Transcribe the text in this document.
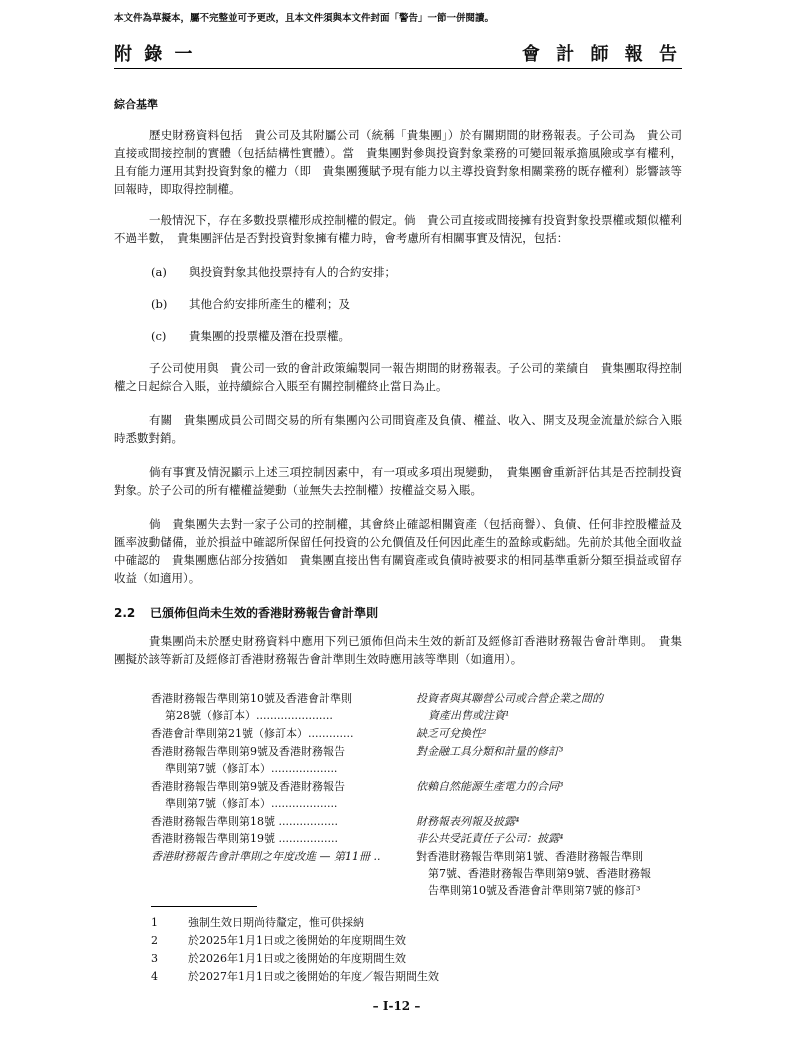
本文件為草擬本，屬不完整並可予更改，且本文件須與本文件封面「警告」一節一併閱讀。
附 錄 一	會 計 師 報 告
綜合基準
歷史財務資料包括　貴公司及其附屬公司（統稱「貴集團」）於有關期間的財務報表。子公司為　貴公司直接或間接控制的實體（包括結構性實體）。當　貴集團對參與投資對象業務的可變回報承擔風險或享有權利，且有能力運用其對投資對象的權力（即　貴集團獲賦予現有能力以主導投資對象相關業務的既存權利）影響該等回報時，即取得控制權。
一般情況下，存在多數投票權形成控制權的假定。倘　貴公司直接或間接擁有投資對象投票權或類似權利不過半數，　貴集團評估是否對投資對象擁有權力時，會考慮所有相關事實及情況，包括：
(a) 與投資對象其他投票持有人的合約安排；
(b) 其他合約安排所產生的權利；及
(c) 貴集團的投票權及潛在投票權。
子公司使用與　貴公司一致的會計政策編製同一報告期間的財務報表。子公司的業績自　貴集團取得控制權之日起綜合入賬，並持續綜合入賬至有關控制權終止當日為止。
有關　貴集團成員公司間交易的所有集團內公司間資產及負債、權益、收入、開支及現金流量於綜合入賬時悉數對銷。
倘有事實及情況顯示上述三項控制因素中，有一項或多項出現變動，　貴集團會重新評估其是否控制投資對象。於子公司的所有權權益變動（並無失去控制權）按權益交易入賬。
倘　貴集團失去對一家子公司的控制權，其會終止確認相關資產（包括商譽）、負債、任何非控股權益及匯率波動儲備，並於損益中確認所保留任何投資的公允價值及任何因此產生的盈餘或虧絀。先前於其他全面收益中確認的　貴集團應佔部分按猶如　貴集團直接出售有關資產或負債時被要求的相同基準重新分類至損益或留存收益（如適用）。
2.2 已頒佈但尚未生效的香港財務報告會計準則
貴集團尚未於歷史財務資料中應用下列已頒佈但尚未生效的新訂及經修訂香港財務報告會計準則。　貴集團擬於該等新訂及經修訂香港財務報告會計準則生效時應用該等準則（如適用）。
香港財務報告準則第10號及香港會計準則	投資者與其聯營公司或合營企業之間的
第28號（修訂本）......................	資產出售或注資¹
香港會計準則第21號（修訂本）.............	缺乏可兌換性²
香港財務報告準則第9號及香港財務報告	對金融工具分類和計量的修訂³
準則第7號（修訂本）...................
香港財務報告準則第9號及香港財務報告	依賴自然能源生產電力的合同³
準則第7號（修訂本）...................
香港財務報告準則第18號 .................	財務報表列報及披露⁴
香港財務報告準則第19號 .................	非公共受託責任子公司：披露⁴
香港財務報告會計準則之年度改進 — 第11冊 ..	對香港財務報告準則第1號、香港財務報告準則
第7號、香港財務報告準則第9號、香港財務報
告準則第10號及香港會計準則第7號的修訂³
1	強制生效日期尚待釐定，惟可供採納
2	於2025年1月1日或之後開始的年度期間生效
3	於2026年1月1日或之後開始的年度期間生效
4	於2027年1月1日或之後開始的年度／報告期間生效
– I-12 –
